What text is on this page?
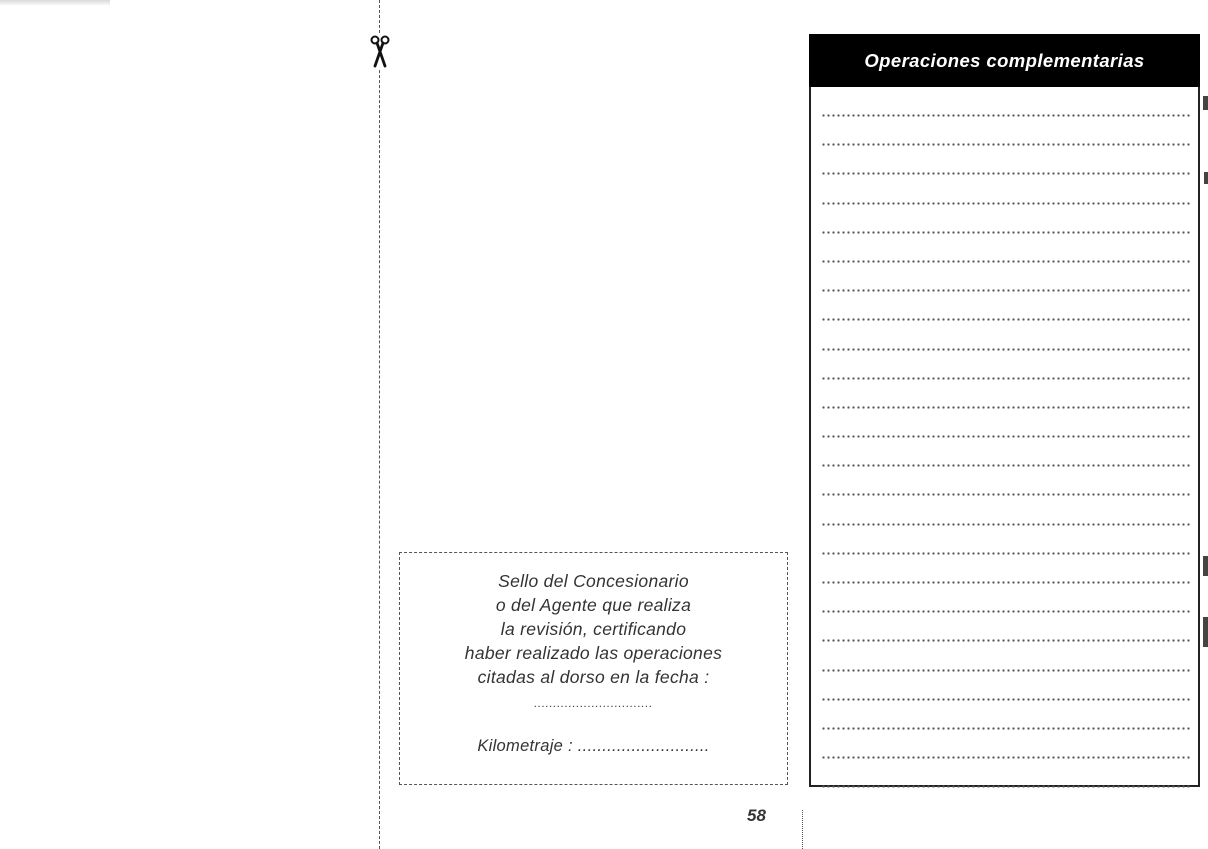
Sello del Concesionario
o del Agente que realiza
la revisión, certificando
haber realizado las operaciones
citadas al dorso en la fecha :
...............................
Kilometraje : ...........................
58
Operaciones complementarias
